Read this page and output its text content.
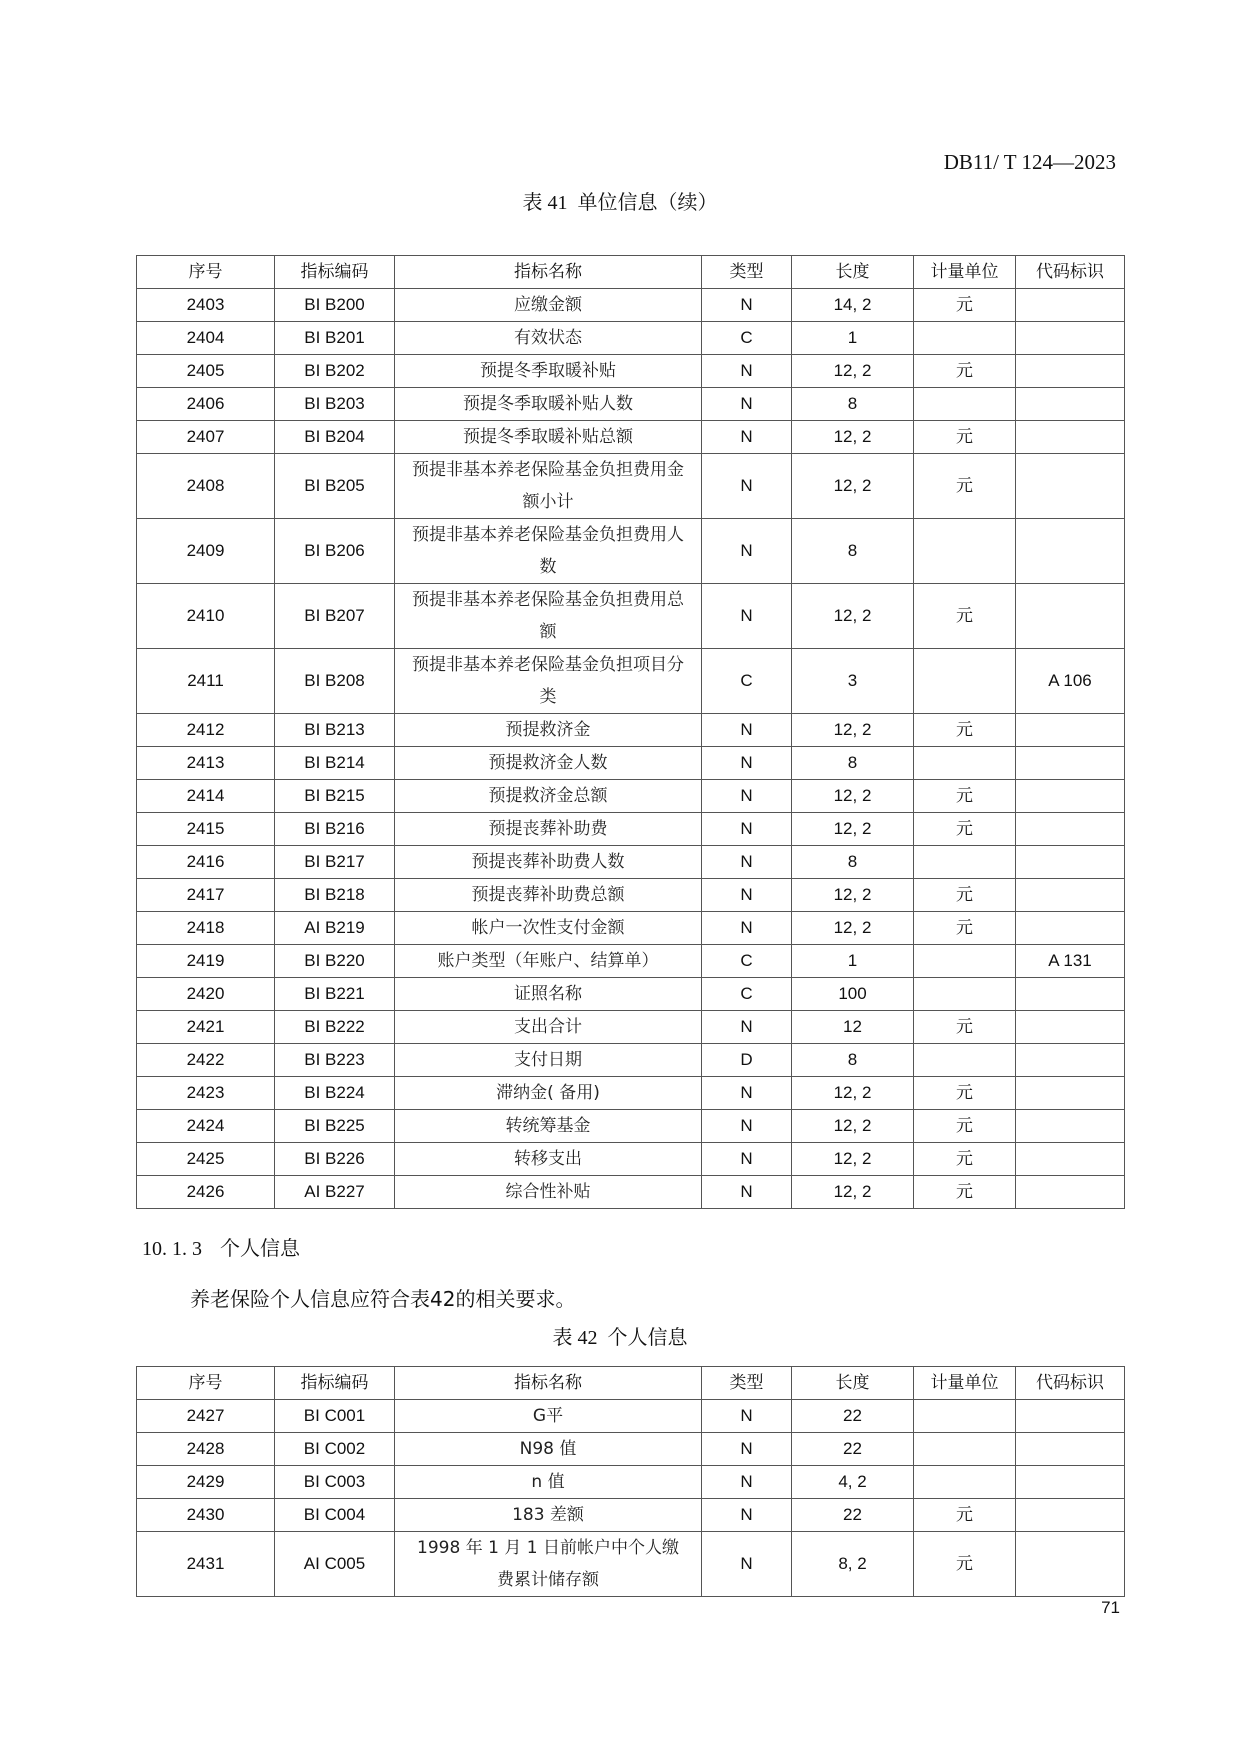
DB11/ T 124—2023
表 41 单位信息（续）
序号	指标编码	指标名称	类型	长度	计量单位	代码标识
2403	BI B200	应缴金额	N	14, 2	元	
2404	BI B201	有效状态	C	1		
2405	BI B202	预提冬季取暖补贴	N	12, 2	元	
2406	BI B203	预提冬季取暖补贴人数	N	8		
2407	BI B204	预提冬季取暖补贴总额	N	12, 2	元	
2408	BI B205	预提非基本养老保险基金负担费用金额小计	N	12, 2	元	
2409	BI B206	预提非基本养老保险基金负担费用人数	N	8		
2410	BI B207	预提非基本养老保险基金负担费用总额	N	12, 2	元	
2411	BI B208	预提非基本养老保险基金负担项目分类	C	3		A 106
2412	BI B213	预提救济金	N	12, 2	元	
2413	BI B214	预提救济金人数	N	8		
2414	BI B215	预提救济金总额	N	12, 2	元	
2415	BI B216	预提丧葬补助费	N	12, 2	元	
2416	BI B217	预提丧葬补助费人数	N	8		
2417	BI B218	预提丧葬补助费总额	N	12, 2	元	
2418	AI B219	帐户一次性支付金额	N	12, 2	元	
2419	BI B220	账户类型（年账户、结算单）	C	1		A 131
2420	BI B221	证照名称	C	100		
2421	BI B222	支出合计	N	12	元	
2422	BI B223	支付日期	D	8		
2423	BI B224	滞纳金( 备用)	N	12, 2	元	
2424	BI B225	转统筹基金	N	12, 2	元	
2425	BI B226	转移支出	N	12, 2	元	
2426	AI B227	综合性补贴	N	12, 2	元	
10. 1. 3 个人信息
养老保险个人信息应符合表42的相关要求。
表 42 个人信息
序号	指标编码	指标名称	类型	长度	计量单位	代码标识
2427	BI C001	G平	N	22		
2428	BI C002	N98 值	N	22		
2429	BI C003	n 值	N	4, 2		
2430	BI C004	183 差额	N	22	元	
2431	AI C005	1998 年 1 月 1 日前帐户中个人缴费累计储存额	N	8, 2	元	
71
